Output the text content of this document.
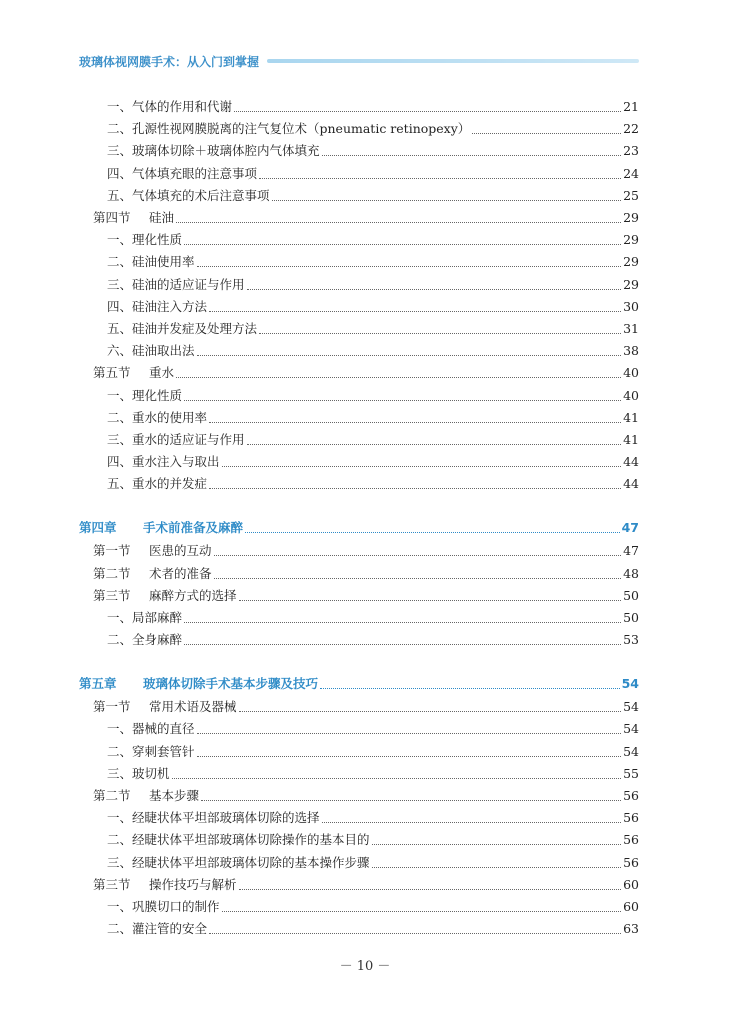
玻璃体视网膜手术：从入门到掌握
一、气体的作用和代谢	21
二、孔源性视网膜脱离的注气复位术（pneumatic retinopexy）	22
三、玻璃体切除＋玻璃体腔内气体填充	23
四、气体填充眼的注意事项	24
五、气体填充的术后注意事项	25
第四节 硅油	29
一、理化性质	29
二、硅油使用率	29
三、硅油的适应证与作用	29
四、硅油注入方法	30
五、硅油并发症及处理方法	31
六、硅油取出法	38
第五节 重水	40
一、理化性质	40
二、重水的使用率	41
三、重水的适应证与作用	41
四、重水注入与取出	44
五、重水的并发症	44
第四章 手术前准备及麻醉	47
第一节 医患的互动	47
第二节 术者的准备	48
第三节 麻醉方式的选择	50
一、局部麻醉	50
二、全身麻醉	53
第五章 玻璃体切除手术基本步骤及技巧	54
第一节 常用术语及器械	54
一、器械的直径	54
二、穿刺套管针	54
三、玻切机	55
第二节 基本步骤	56
一、经睫状体平坦部玻璃体切除的选择	56
二、经睫状体平坦部玻璃体切除操作的基本目的	56
三、经睫状体平坦部玻璃体切除的基本操作步骤	56
第三节 操作技巧与解析	60
一、巩膜切口的制作	60
二、灌注管的安全	63
－ 10 －
